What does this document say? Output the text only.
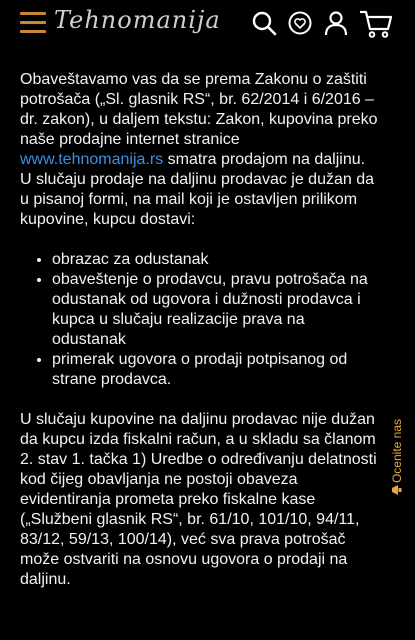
Tehnomanija

Obaveštavamo vas da se prema Zakonu o zaštiti potrošača („Sl. glasnik RS“, br. 62/2014 i 6/2016 – dr. zakon), u daljem tekstu: Zakon, kupovina preko naše prodajne internet stranice www.tehnomanija.rs smatra prodajom na daljinu. U slučaju prodaje na daljinu prodavac je dužan da u pisanoj formi, na mail koji je ostavljen prilikom kupovine, kupcu dostavi:

• obrazac za odustanak
• obaveštenje o prodavcu, pravu potrošača na odustanak od ugovora i dužnosti prodavca i kupca u slučaju realizacije prava na odustanak
• primerak ugovora o prodaji potpisanog od strane prodavca.

U slučaju kupovine na daljinu prodavac nije dužan da kupcu izda fiskalni račun, a u skladu sa članom 2. stav 1. tačka 1) Uredbe o određivanju delatnosti kod čijeg obavljanja ne postoji obaveza evidentiranja prometa preko fiskalne kase („Službeni glasnik RS“, br. 61/10, 101/10, 94/11, 83/12, 59/13, 100/14), već sva prava potrošač može ostvariti na osnovu ugovora o prodaji na daljinu.

Ocenite nas
